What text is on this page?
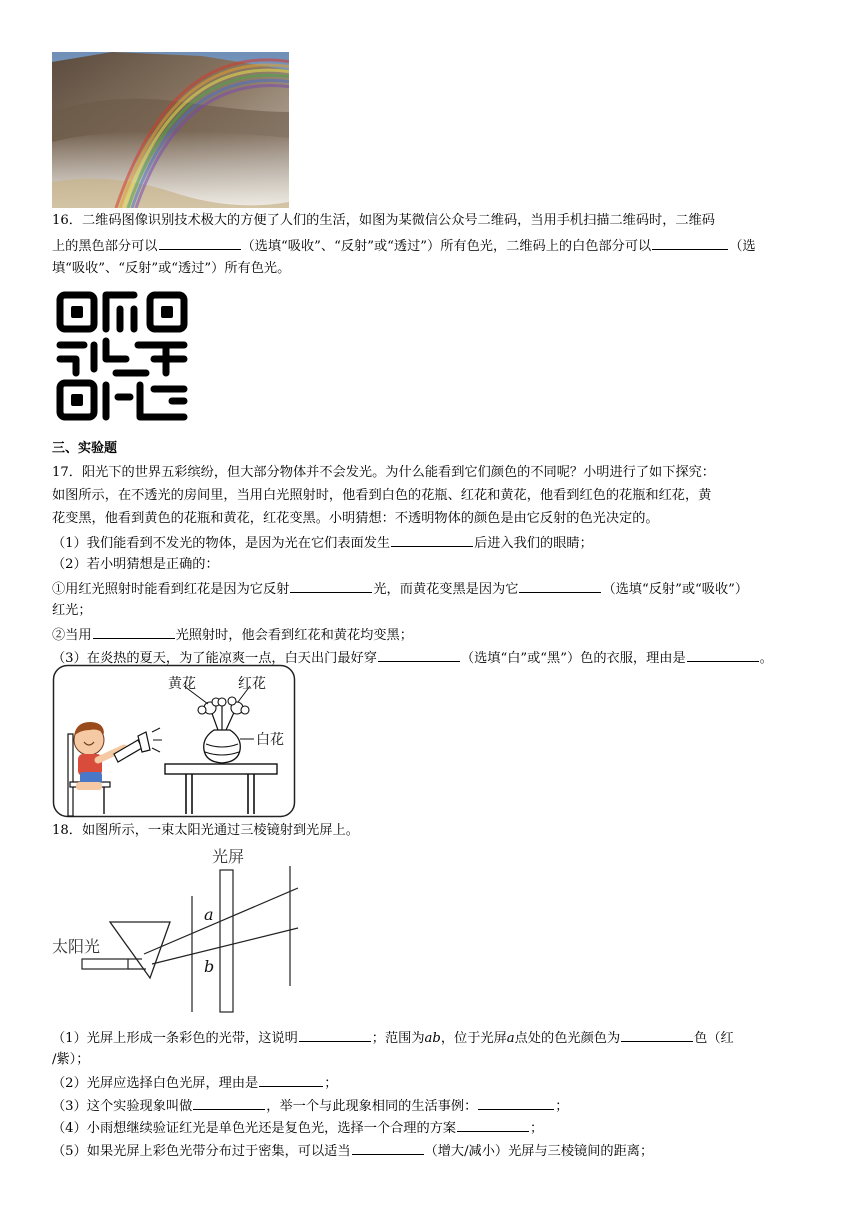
16．二维码图像识别技术极大的方便了人们的生活，如图为某微信公众号二维码，当用手机扫描二维码时，二维码
上的黑色部分可以	（选填“吸收”、“反射”或“透过”）所有色光，二维码上的白色部分可以	（选
填“吸收”、“反射”或“透过”）所有色光。
三、实验题
17．阳光下的世界五彩缤纷，但大部分物体并不会发光。为什么能看到它们颜色的不同呢？小明进行了如下探究：
如图所示，在不透光的房间里，当用白光照射时，他看到白色的花瓶、红花和黄花，他看到红色的花瓶和红花，黄
花变黑，他看到黄色的花瓶和黄花，红花变黑。小明猜想：不透明物体的颜色是由它反射的色光决定的。
（1）我们能看到不发光的物体，是因为光在它们表面发生	后进入我们的眼睛；
（2）若小明猜想是正确的：
①用红光照射时能看到红花是因为它反射	光，而黄花变黑是因为它	（选填“反射”或“吸收”）
红光；
②当用	光照射时，他会看到红花和黄花均变黑；
（3）在炎热的夏天，为了能凉爽一点，白天出门最好穿	（选填“白”或“黑”）色的衣服，理由是	。
黄花	红花
白花
18．如图所示，一束太阳光通过三棱镜射到光屏上。
光屏
太阳光
a
b
（1）光屏上形成一条彩色的光带，这说明	；范围为ab，位于光屏a点处的色光颜色为	色（红
/紫）；
（2）光屏应选择白色光屏，理由是	；
（3）这个实验现象叫做	，举一个与此现象相同的生活事例：	；
（4）小雨想继续验证红光是单色光还是复色光，选择一个合理的方案	；
（5）如果光屏上彩色光带分布过于密集，可以适当	（增大/减小）光屏与三棱镜间的距离；
